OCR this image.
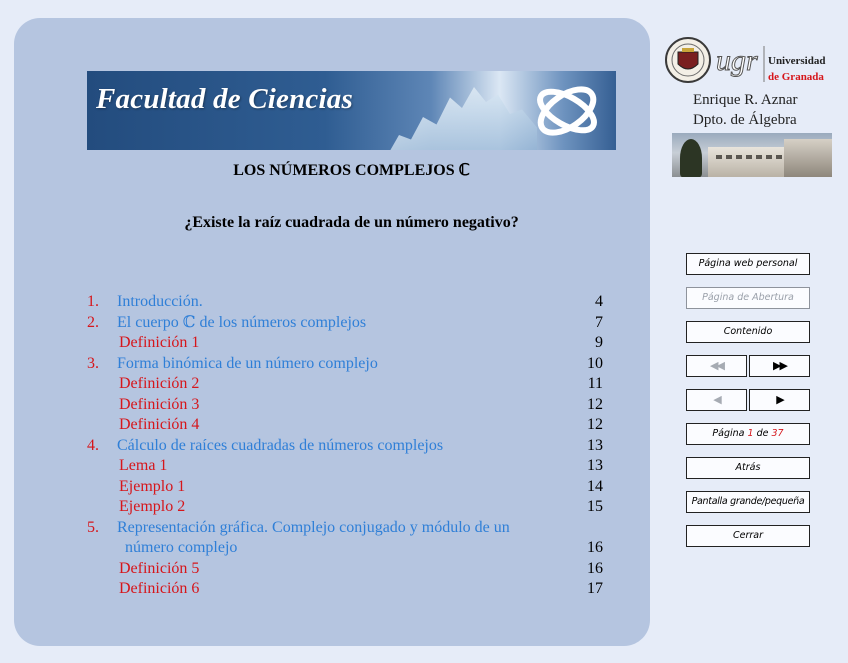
Facultad de Ciencias
LOS NÚMEROS COMPLEJOS ℂ
¿Existe la raíz cuadrada de un número negativo?
1. Introducción.	4
2. El cuerpo ℂ de los números complejos	7
Definición 1	9
3. Forma binómica de un número complejo	10
Definición 2	11
Definición 3	12
Definición 4	12
4. Cálculo de raíces cuadradas de números complejos	13
Lema 1	13
Ejemplo 1	14
Ejemplo 2	15
5. Representación gráfica. Complejo conjugado y módulo de un
número complejo	16
Definición 5	16
Definición 6	17
ugr Universidad
de Granada
Enrique R. Aznar
Dpto. de Álgebra
Página web personal
Página de Abertura
Contenido
◀◀	▶▶
◀	▶
Página 1 de 37
Atrás
Pantalla grande/pequeña
Cerrar
